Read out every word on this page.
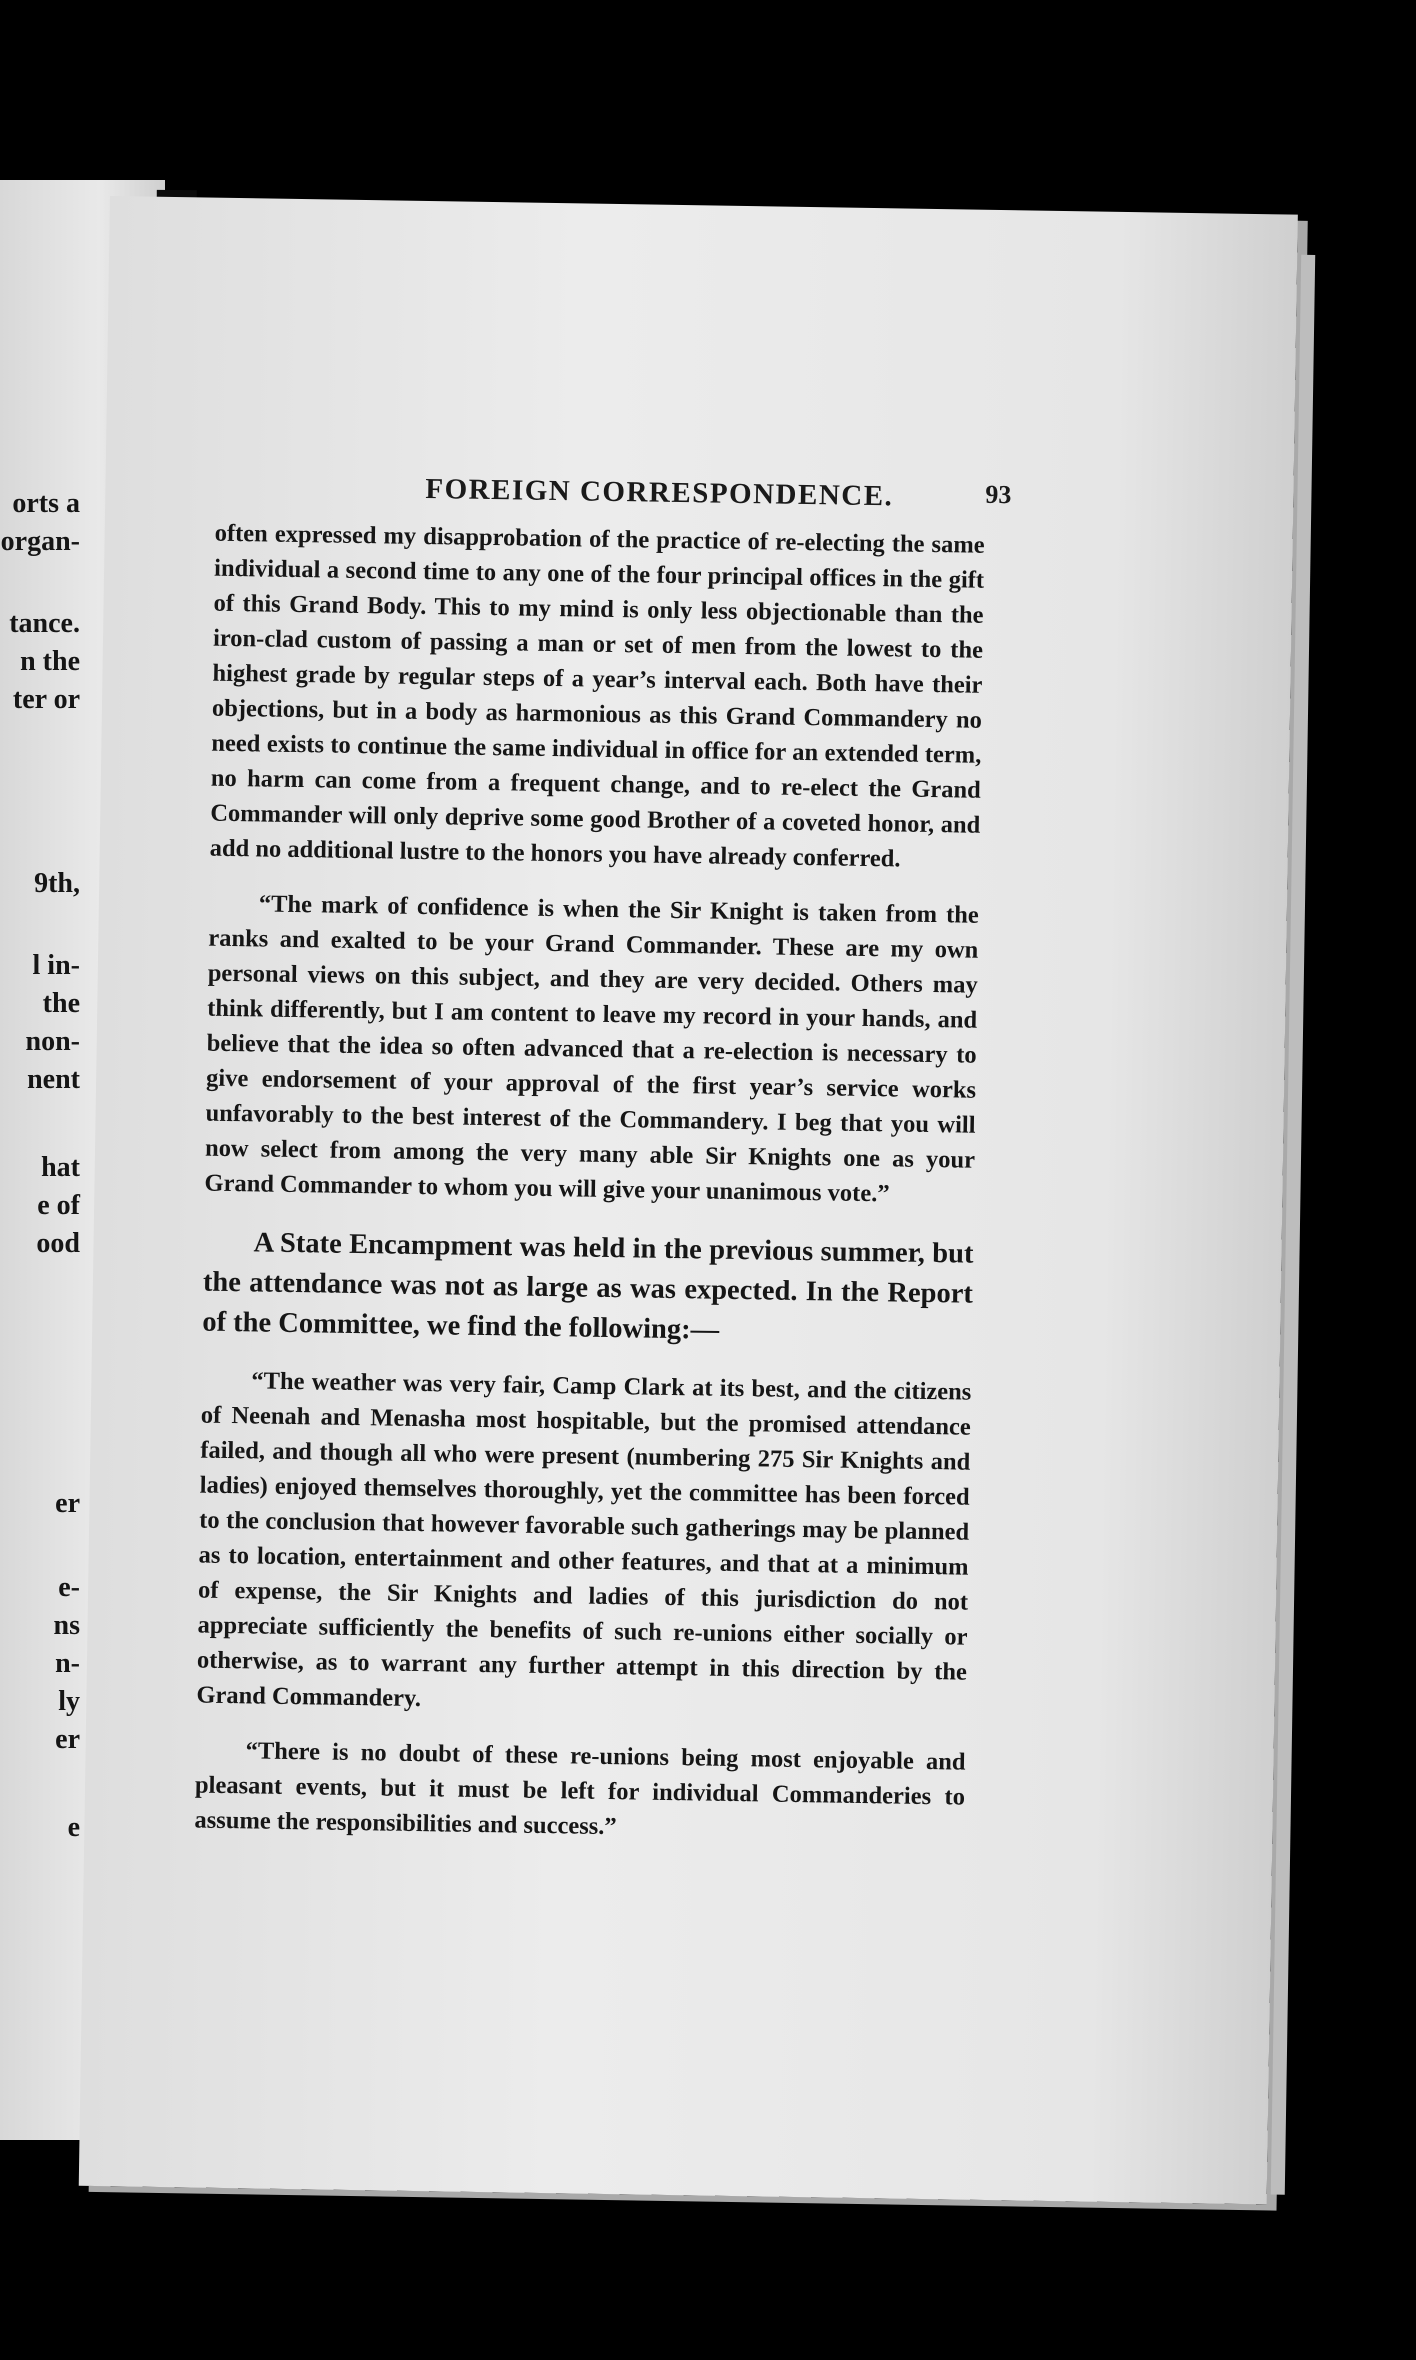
orts a
organ-
tance.
n the
ter or
9th,
l in-
the
non-
nent
hat
e of
ood
er
e-
ns
n-
ly
er
e
FOREIGN CORRESPONDENCE.	93

often expressed my disapprobation of the practice of re-electing the same individual a second time to any one of the four principal offices in the gift of this Grand Body. This to my mind is only less objectionable than the iron-clad custom of passing a man or set of men from the lowest to the highest grade by regular steps of a year’s interval each. Both have their objections, but in a body as harmonious as this Grand Commandery no need exists to continue the same individual in office for an extended term, no harm can come from a frequent change, and to re-elect the Grand Commander will only deprive some good Brother of a coveted honor, and add no additional lustre to the honors you have already conferred.

“The mark of confidence is when the Sir Knight is taken from the ranks and exalted to be your Grand Commander. These are my own personal views on this subject, and they are very decided. Others may think differently, but I am content to leave my record in your hands, and believe that the idea so often advanced that a re-election is necessary to give endorsement of your approval of the first year’s service works unfavorably to the best interest of the Commandery. I beg that you will now select from among the very many able Sir Knights one as your Grand Commander to whom you will give your unanimous vote.”

A State Encampment was held in the previous summer, but the attendance was not as large as was expected. In the Report of the Committee, we find the following:—

“The weather was very fair, Camp Clark at its best, and the citizens of Neenah and Menasha most hospitable, but the promised attendance failed, and though all who were present (numbering 275 Sir Knights and ladies) enjoyed themselves thoroughly, yet the committee has been forced to the conclusion that however favorable such gatherings may be planned as to location, entertainment and other features, and that at a minimum of expense, the Sir Knights and ladies of this jurisdiction do not appreciate sufficiently the benefits of such re-unions either socially or otherwise, as to warrant any further attempt in this direction by the Grand Commandery.

“There is no doubt of these re-unions being most enjoyable and pleasant events, but it must be left for individual Commanderies to assume the responsibilities and success.”
